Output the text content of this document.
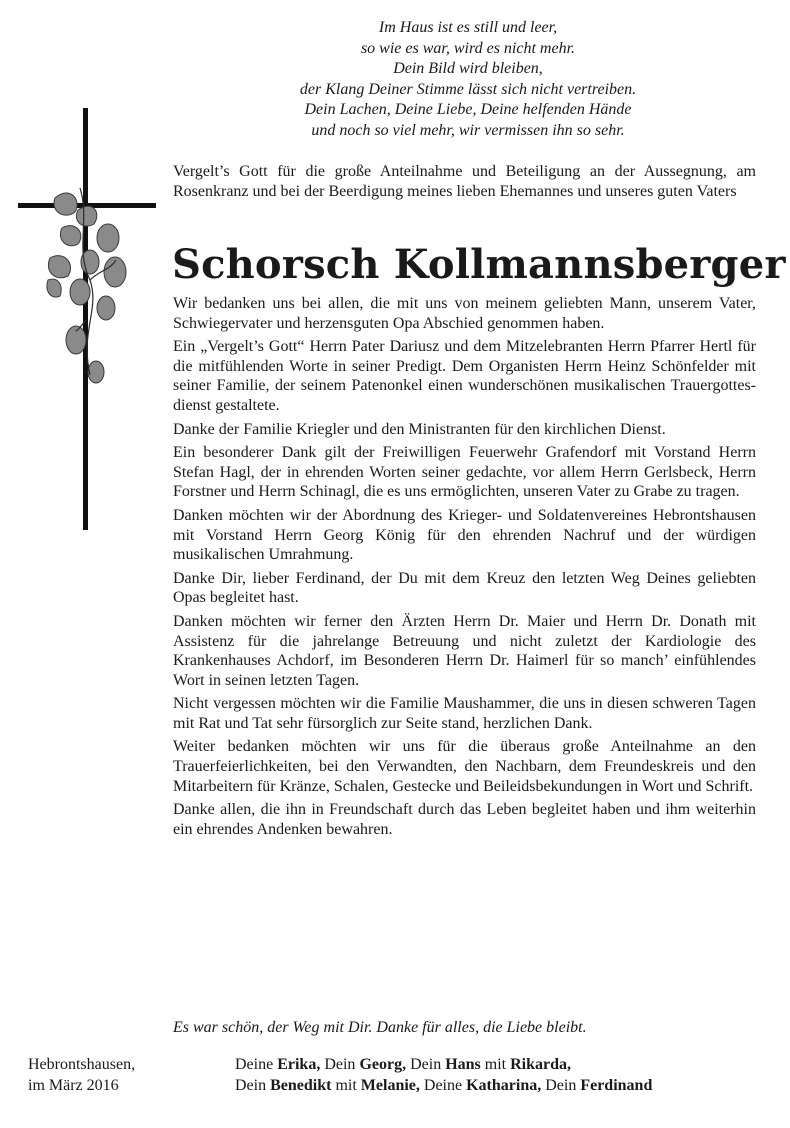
Im Haus ist es still und leer,
so wie es war, wird es nicht mehr.
Dein Bild wird bleiben,
der Klang Deiner Stimme lässt sich nicht vertreiben.
Dein Lachen, Deine Liebe, Deine helfenden Hände
und noch so viel mehr, wir vermissen ihn so sehr.
Vergelt’s Gott für die große Anteilnahme und Beteiligung an der Aussegnung, am Rosenkranz und bei der Beerdigung meines lieben Ehemannes und unseres guten Vaters
Schorsch Kollmannsberger

Wir bedanken uns bei allen, die mit uns von meinem geliebten Mann, unserem Vater, Schwiegervater und herzensguten Opa Abschied genommen haben.

Ein „Vergelt’s Gott“ Herrn Pater Dariusz und dem Mitzelebranten Herrn Pfarrer Hertl für die mitfühlenden Worte in seiner Predigt. Dem Organisten Herrn Heinz Schönfelder mit seiner Familie, der seinem Patenonkel einen wunderschönen musikalischen Trauergottesdienst gestaltete.

Danke der Familie Kriegler und den Ministranten für den kirchlichen Dienst.

Ein besonderer Dank gilt der Freiwilligen Feuerwehr Grafendorf mit Vorstand Herrn Stefan Hagl, der in ehrenden Worten seiner gedachte, vor allem Herrn Gerlsbeck, Herrn Forstner und Herrn Schinagl, die es uns ermöglichten, unseren Vater zu Grabe zu tragen.

Danken möchten wir der Abordnung des Krieger- und Soldatenvereines Hebrontshausen mit Vorstand Herrn Georg König für den ehrenden Nachruf und der würdigen musikalischen Umrahmung.

Danke Dir, lieber Ferdinand, der Du mit dem Kreuz den letzten Weg Deines geliebten Opas begleitet hast.

Danken möchten wir ferner den Ärzten Herrn Dr. Maier und Herrn Dr. Donath mit Assistenz für die jahrelange Betreuung und nicht zuletzt der Kardiologie des Krankenhauses Achdorf, im Besonderen Herrn Dr. Haimerl für so manch’ einfühlendes Wort in seinen letzten Tagen.

Nicht vergessen möchten wir die Familie Maushammer, die uns in diesen schweren Tagen mit Rat und Tat sehr fürsorglich zur Seite stand, herzlichen Dank.

Weiter bedanken möchten wir uns für die überaus große Anteilnahme an den Trauerfeierlichkeiten, bei den Verwandten, den Nachbarn, dem Freundeskreis und den Mitarbeitern für Kränze, Schalen, Gestecke und Beileidsbekundungen in Wort und Schrift.

Danke allen, die ihn in Freundschaft durch das Leben begleitet haben und ihm weiterhin ein ehrendes Andenken bewahren.

Es war schön, der Weg mit Dir. Danke für alles, die Liebe bleibt.
Hebrontshausen,
im März 2016
Deine Erika, Dein Georg, Dein Hans mit Rikarda,
Dein Benedikt mit Melanie, Deine Katharina, Dein Ferdinand
